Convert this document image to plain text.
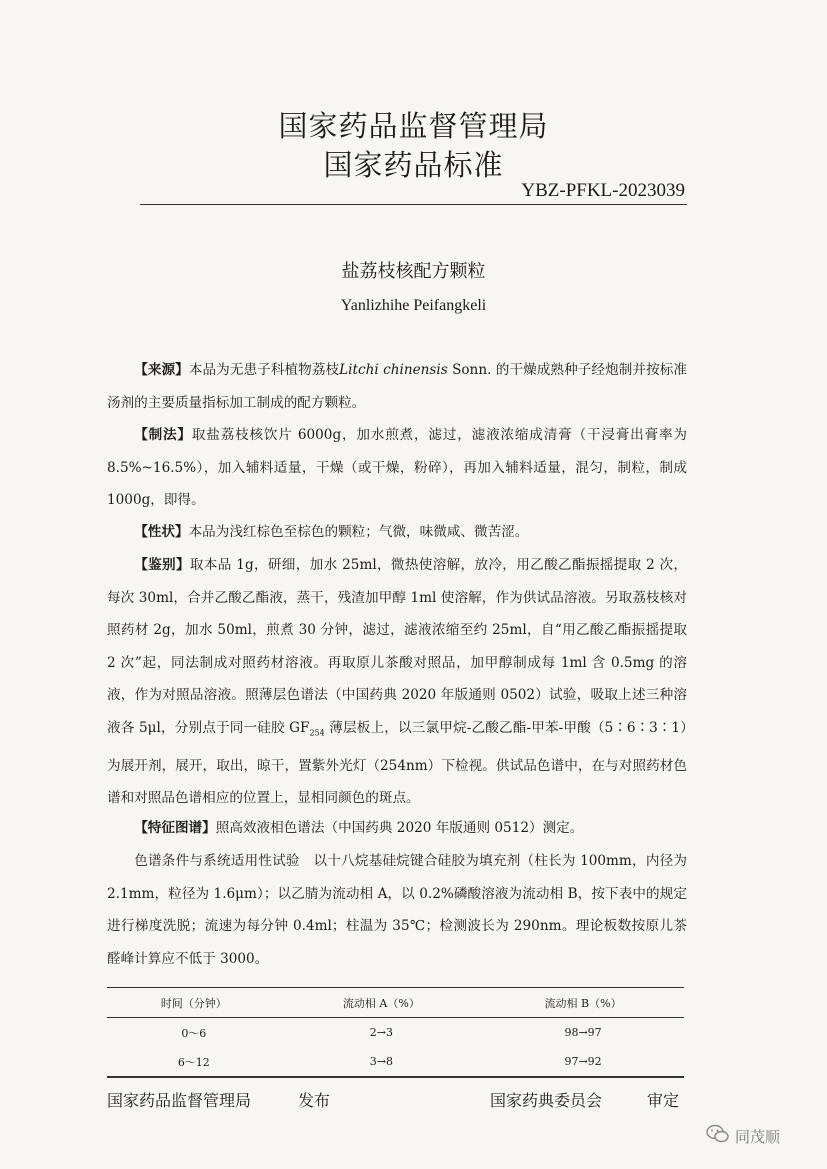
国家药品监督管理局
国家药品标准
YBZ-PFKL-2023039
盐荔枝核配方颗粒
Yanlizhihe Peifangkeli
【来源】本品为无患子科植物荔枝Litchi chinensis Sonn. 的干燥成熟种子经炮制并按标准汤剂的主要质量指标加工制成的配方颗粒。
【制法】取盐荔枝核饮片 6000g，加水煎煮，滤过，滤液浓缩成清膏（干浸膏出膏率为 8.5%~16.5%），加入辅料适量，干燥（或干燥，粉碎），再加入辅料适量，混匀，制粒，制成 1000g，即得。
【性状】本品为浅红棕色至棕色的颗粒；气微，味微咸、微苦涩。
【鉴别】取本品 1g，研细，加水 25ml，微热使溶解，放冷，用乙酸乙酯振摇提取 2 次，每次 30ml，合并乙酸乙酯液，蒸干，残渣加甲醇 1ml 使溶解，作为供试品溶液。另取荔枝核对照药材 2g，加水 50ml，煎煮 30 分钟，滤过，滤液浓缩至约 25ml，自“用乙酸乙酯振摇提取 2 次”起，同法制成对照药材溶液。再取原儿茶酸对照品，加甲醇制成每 1ml 含 0.5mg 的溶液，作为对照品溶液。照薄层色谱法（中国药典 2020 年版通则 0502）试验，吸取上述三种溶液各 5μl，分别点于同一硅胶 $GF_{254}$ 薄层板上，以三氯甲烷-乙酸乙酯-甲苯-甲酸（5∶6∶3∶1）为展开剂，展开，取出，晾干，置紫外光灯（254nm）下检视。供试品色谱中，在与对照药材色谱和对照品色谱相应的位置上，显相同颜色的斑点。
【特征图谱】照高效液相色谱法（中国药典 2020 年版通则 0512）测定。
色谱条件与系统适用性试验　以十八烷基硅烷键合硅胶为填充剂（柱长为 100mm，内径为 2.1mm，粒径为 1.6μm）；以乙腈为流动相 A，以 0.2%磷酸溶液为流动相 B，按下表中的规定进行梯度洗脱；流速为每分钟 0.4ml；柱温为 35℃；检测波长为 290nm。理论板数按原儿茶醛峰计算应不低于 3000。
时间（分钟）	流动相 A（%）	流动相 B（%）
0～6	2→3	98→97
6～12	3→8	97→92
国家药品监督管理局	发布	国家药典委员会	审定
同茂顺
